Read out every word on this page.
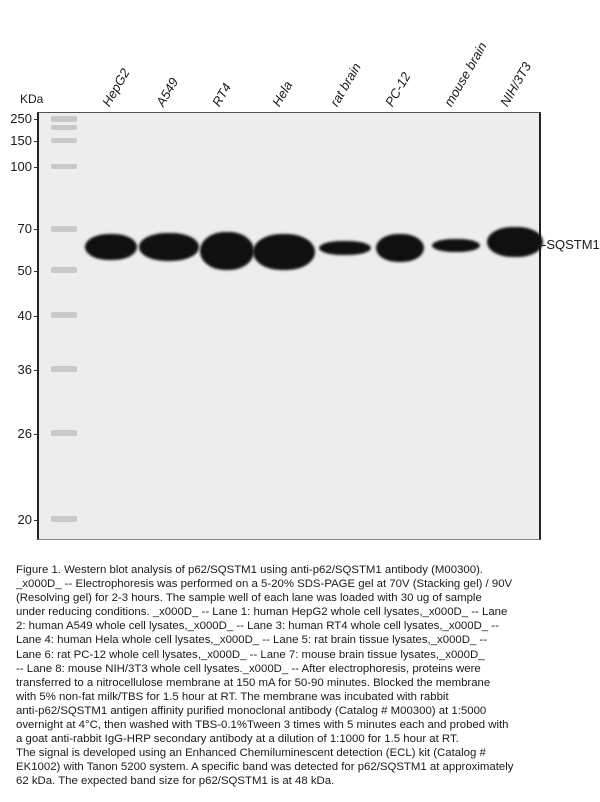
HepG2 A549 RT4	Hela rat brain PC-12 mouse brain NIH/3T3
KDa
250
150
100
70
50
40
36
26
20
-SQSTM1

Figure 1. Western blot analysis of p62/SQSTM1 using anti-p62/SQSTM1 antibody (M00300).

_x000D_ -- Electrophoresis was performed on a 5-20% SDS-PAGE gel at 70V (Stacking gel) / 90V

(Resolving gel) for 2-3 hours. The sample well of each lane was loaded with 30 ug of sample

under reducing conditions. _x000D_ -- Lane 1: human HepG2 whole cell lysates,_x000D_ -- Lane

2: human A549 whole cell lysates,_x000D_ -- Lane 3: human RT4 whole cell lysates,_x000D_ --

Lane 4: human Hela whole cell lysates,_x000D_ -- Lane 5: rat brain tissue lysates,_x000D_ --

Lane 6: rat PC-12 whole cell lysates,_x000D_ -- Lane 7: mouse brain tissue lysates,_x000D_

-- Lane 8: mouse NIH/3T3 whole cell lysates._x000D_ -- After electrophoresis, proteins were

transferred to a nitrocellulose membrane at 150 mA for 50-90 minutes. Blocked the membrane

with 5% non-fat milk/TBS for 1.5 hour at RT. The membrane was incubated with rabbit

anti-p62/SQSTM1 antigen affinity purified monoclonal antibody (Catalog # M00300) at 1:5000

overnight at 4°C, then washed with TBS-0.1%Tween 3 times with 5 minutes each and probed with

a goat anti-rabbit IgG-HRP secondary antibody at a dilution of 1:1000 for 1.5 hour at RT.

The signal is developed using an Enhanced Chemiluminescent detection (ECL) kit (Catalog #

EK1002) with Tanon 5200 system. A specific band was detected for p62/SQSTM1 at approximately

62 kDa. The expected band size for p62/SQSTM1 is at 48 kDa.
